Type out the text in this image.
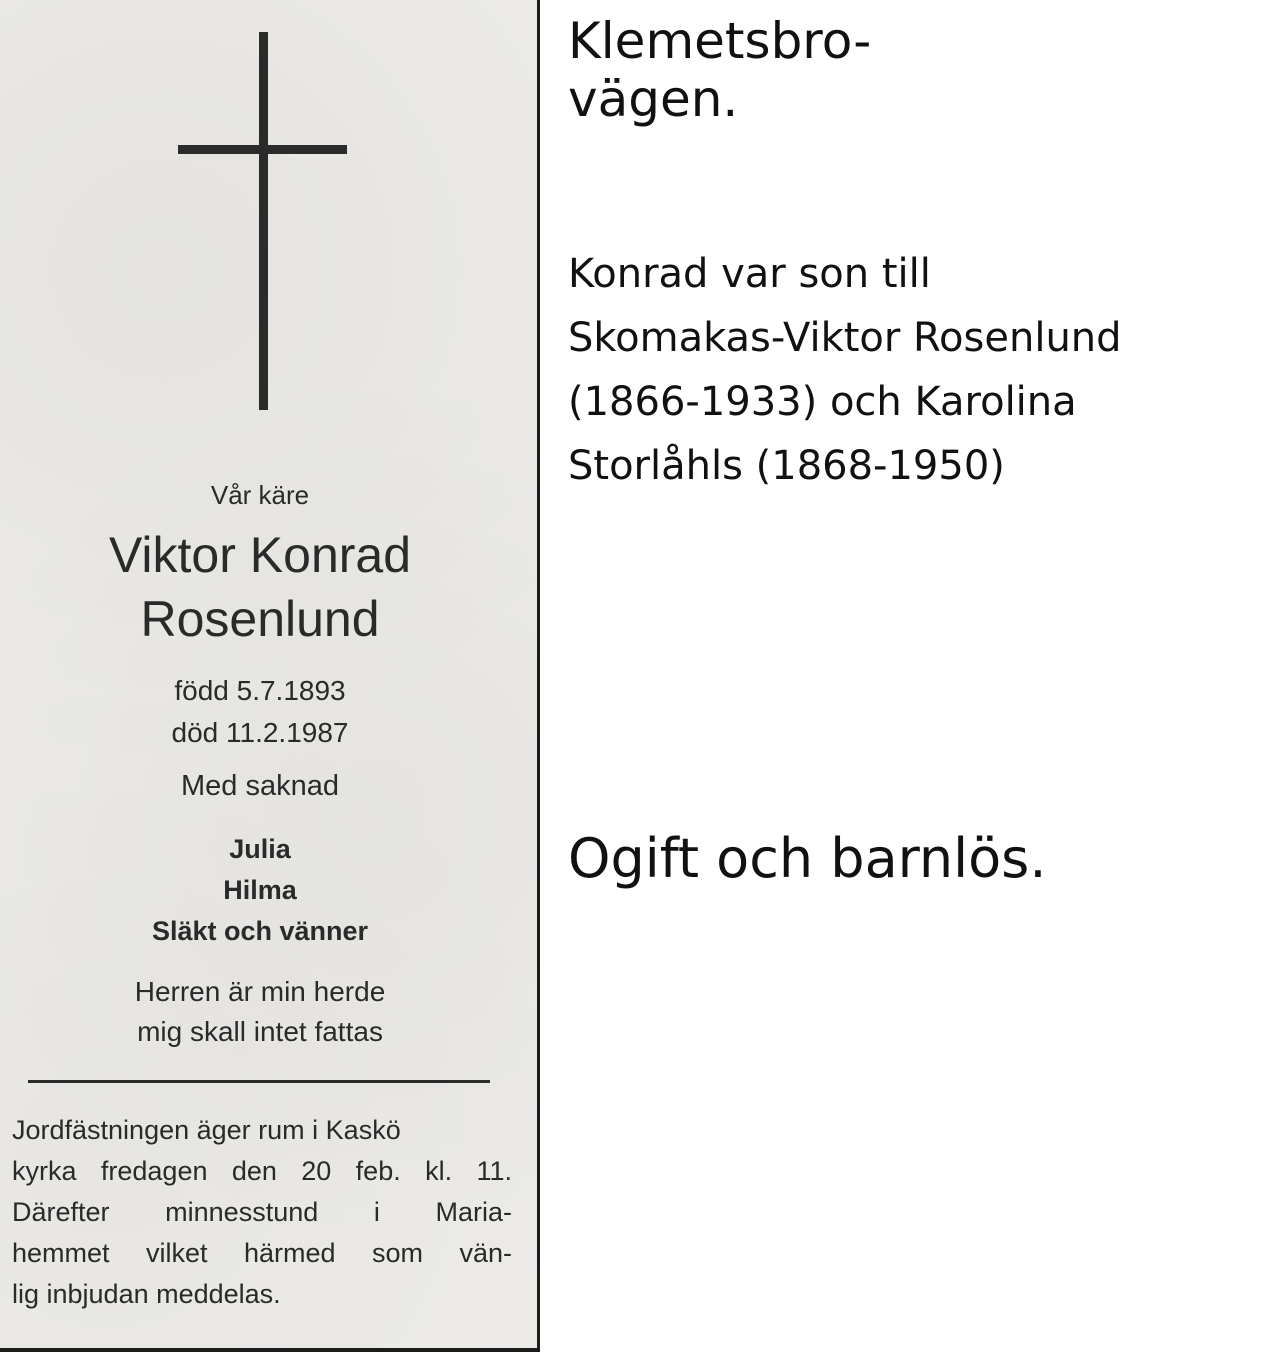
Vår käre

Viktor Konrad

Rosenlund

född 5.7.1893

död 11.2.1987

Med saknad

Julia

Hilma

Släkt och vänner

Herren är min herde

mig skall intet fattas

Jordfästningen äger rum i Kaskö
kyrka fredagen den 20 feb. kl. 11.
Därefter minnesstund i Maria-
hemmet vilket härmed som vän-
lig inbjudan meddelas.

Klemetsbro-
vägen.

Konrad var son till
Skomakas-Viktor Rosenlund
(1866-1933) och Karolina
Storlåhls (1868-1950)

Ogift och barnlös.
